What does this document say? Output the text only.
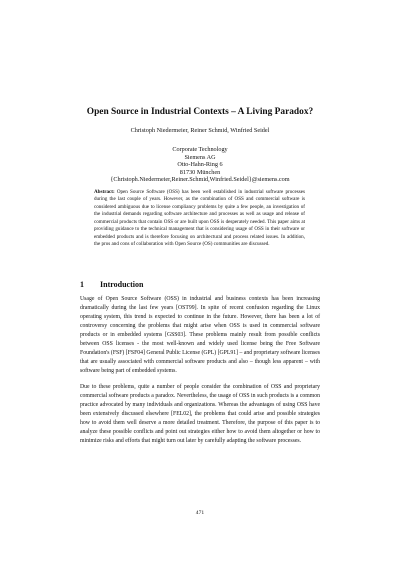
Open Source in Industrial Contexts – A Living Paradox?
Christoph Niedermeier, Reiner Schmid, Winfried Seidel
Corporate Technology
Siemens AG
Otto-Hahn-Ring 6
81730 München
{Christoph.Niedermeier,Reiner.Schmid,Winfried.Seidel}@siemens.com
Abstract: Open Source Software (OSS) has been well established in industrial software processes during the last couple of years. However, as the combination of OSS and commercial software is considered ambiguous due to license compliancy problems by quite a few people, an investigation of the industrial demands regarding software architecture and processes as well as usage and release of commercial products that contain OSS or are built upon OSS is desperately needed. This paper aims at providing guidance to the technical management that is considering usage of OSS in their software or embedded products and is therefore focusing on architectural and process related issues. In addition, the pros and cons of collaboration with Open Source (OS) communities are discussed.
1 Introduction
Usage of Open Source Software (OSS) in industrial and business contexts has been increasing dramatically during the last few years [OST99]. In spite of recent confusion regarding the Linux operating system, this trend is expected to continue in the future. However, there has been a lot of controversy concerning the problems that might arise when OSS is used in commercial software products or in embedded systems [GSS03]. These problems mainly result from possible conflicts between OSS licenses - the most well-known and widely used license being the Free Software Foundation's (FSF) [FSF04] General Public License (GPL) [GPL91] – and proprietary software licenses that are usually associated with commercial software products and also – though less apparent – with software being part of embedded systems.
Due to these problems, quite a number of people consider the combination of OSS and proprietary commercial software products a paradox. Nevertheless, the usage of OSS in such products is a common practice advocated by many individuals and organizations. Whereas the advantages of using OSS have been extensively discussed elsewhere [FEL02], the problems that could arise and possible strategies how to avoid them well deserve a more detailed treatment. Therefore, the purpose of this paper is to analyze these possible conflicts and point out strategies either how to avoid them altogether or how to minimize risks and efforts that might turn out later by carefully adapting the software processes.
471
